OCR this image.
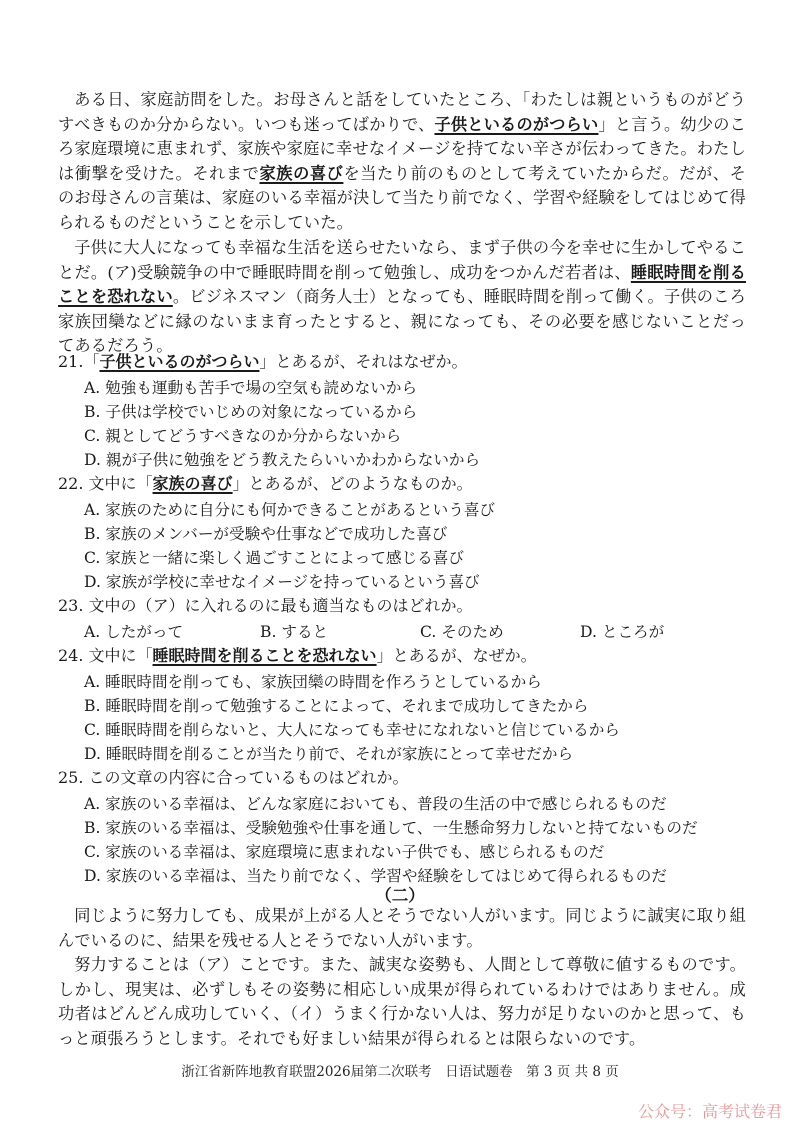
ある日、家庭訪問をした。お母さんと話をしていたところ、「わたしは親というものがどうすべきものか分からない。いつも迷ってばかりで、子供といるのがつらい」と言う。幼少のころ家庭環境に恵まれず、家族や家庭に幸せなイメージを持てない辛さが伝わってきた。わたしは衝撃を受けた。それまで家族の喜びを当たり前のものとして考えていたからだ。だが、そのお母さんの言葉は、家庭のいる幸福が決して当たり前でなく、学習や経験をしてはじめて得られるものだということを示していた。

子供に大人になっても幸福な生活を送らせたいなら、まず子供の今を幸せに生かしてやることだ。(ア)受験競争の中で睡眠時間を削って勉強し、成功をつかんだ若者は、睡眠時間を削ることを恐れない。ビジネスマン（商务人士）となっても、睡眠時間を削って働く。子供のころ家族団欒などに縁のないまま育ったとすると、親になっても、その必要を感じないことだってあるだろう。

21.「子供といるのがつらい」とあるが、それはなぜか。
A. 勉強も運動も苦手で場の空気も読めないから
B. 子供は学校でいじめの対象になっているから
C. 親としてどうすべきなのか分からないから
D. 親が子供に勉強をどう教えたらいいかわからないから
22. 文中に「家族の喜び」とあるが、どのようなものか。
A. 家族のために自分にも何かできることがあるという喜び
B. 家族のメンバーが受験や仕事などで成功した喜び
C. 家族と一緒に楽しく過ごすことによって感じる喜び
D. 家族が学校に幸せなイメージを持っているという喜び
23. 文中の（ア）に入れるのに最も適当なものはどれか。
A. したがって	B. すると	C. そのため	D. ところが
24. 文中に「睡眠時間を削ることを恐れない」とあるが、なぜか。
A. 睡眠時間を削っても、家族団欒の時間を作ろうとしているから
B. 睡眠時間を削って勉強することによって、それまで成功してきたから
C. 睡眠時間を削らないと、大人になっても幸せになれないと信じているから
D. 睡眠時間を削ることが当たり前で、それが家族にとって幸せだから
25. この文章の内容に合っているものはどれか。
A. 家族のいる幸福は、どんな家庭においても、普段の生活の中で感じられるものだ
B. 家族のいる幸福は、受験勉強や仕事を通して、一生懸命努力しないと持てないものだ
C. 家族のいる幸福は、家庭環境に恵まれない子供でも、感じられるものだ
D. 家族のいる幸福は、当たり前でなく、学習や経験をしてはじめて得られるものだ
（二）

同じように努力しても、成果が上がる人とそうでない人がいます。同じように誠実に取り組んでいるのに、結果を残せる人とそうでない人がいます。

努力することは（ア）ことです。また、誠実な姿勢も、人間として尊敬に値するものです。しかし、現実は、必ずしもその姿勢に相応しい成果が得られているわけではありません。成功者はどんどん成功していく、（イ）うまく行かない人は、努力が足りないのかと思って、もっと頑張ろうとします。それでも好ましい結果が得られるとは限らないのです。

浙江省新阵地教育联盟2026届第二次联考　日语试题卷　第 3 页 共 8 页
公众号：高考试卷君
